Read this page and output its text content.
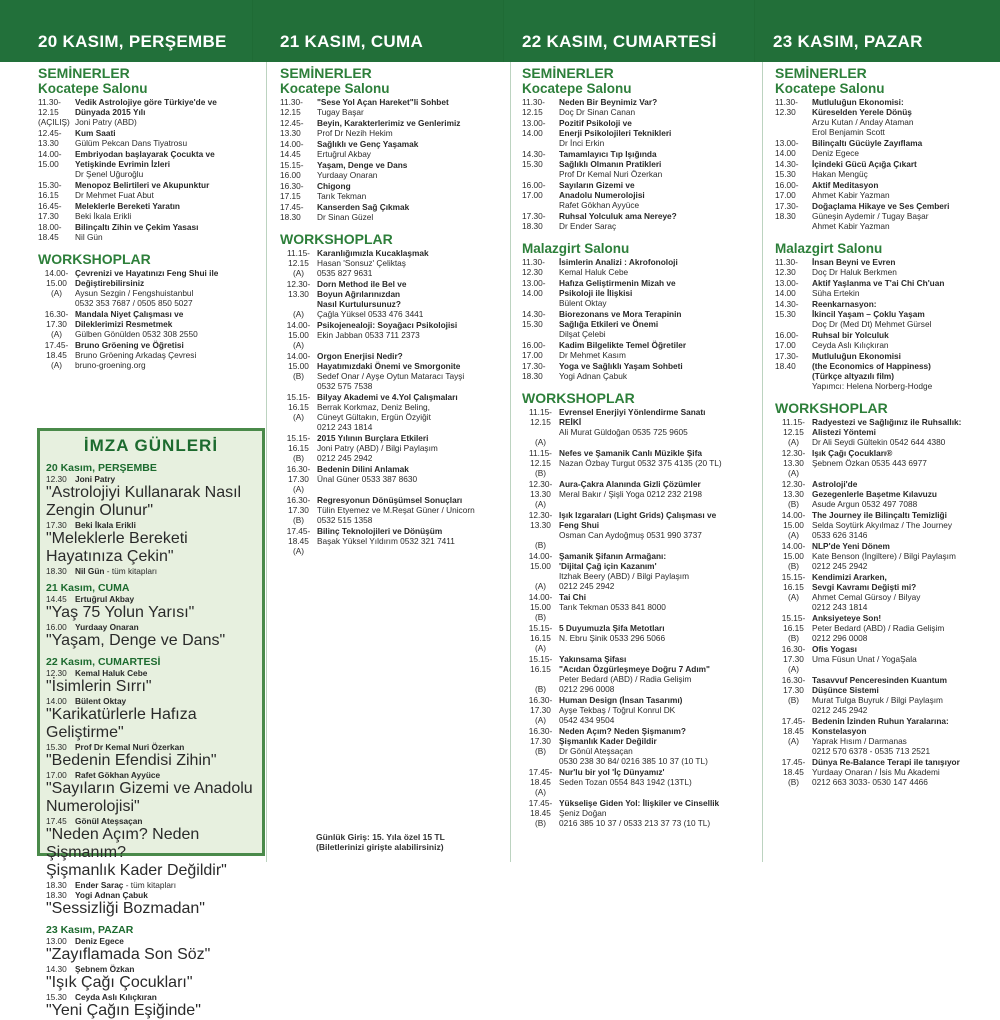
20 KASIM, PERŞEMBE	21 KASIM, CUMA	22 KASIM, CUMARTESİ	23 KASIM, PAZAR
SEMİNERLER
Kocatepe Salonu
11.30-12.15
(AÇILIŞ)
Vedik Astrolojiye göre Türkiye'de ve
Dünyada 2015 Yılı
Joni Patry (ABD)
12.45-13.30
Kum Saati
Gülüm Pekcan Dans Tiyatrosu
14.00-15.00
Embriyodan başlayarak Çocukta ve
Yetişkinde Evrimin İzleri
Dr Şenel Uğuroğlu
15.30-16.15
Menopoz Belirtileri ve Akupunktur
Dr Mehmet Fuat Abut
16.45-17.30
Meleklerle Bereketi Yaratın
Beki İkala Erikli
18.00-18.45
Bilinçaltı Zihin ve Çekim Yasası
Nil Gün
WORKSHOPLAR
14.00-15.00
(A)
Çevrenizi ve Hayatınızı Feng Shui ile
Değiştirebilirsiniz
Aysun Sezgin / Fengshuistanbul
0532 353 7687 / 0505 850 5027
16.30-17.30
(A)
Mandala Niyet Çalışması ve
Dileklerimizi Resmetmek
Gülben Gönülden 0532 308 2550
17.45-18.45
(A)
Bruno Gröening ve Öğretisi
Bruno Gröening Arkadaş Çevresi
bruno-groening.org
İMZA GÜNLERİ
20 Kasım, PERŞEMBE
12.30 Joni Patry
"Astrolojiyi Kullanarak Nasıl Zengin Olunur"
17.30 Beki İkala Erikli
"Meleklerle Bereketi Hayatınıza Çekin"
18.30 Nil Gün - tüm kitapları
21 Kasım, CUMA
14.45 Ertuğrul Akbay
"Yaş 75 Yolun Yarısı"
16.00 Yurdaay Onaran
"Yaşam, Denge ve Dans"
22 Kasım, CUMARTESİ
12.30 Kemal Haluk Cebe
"İsimlerin Sırrı"
14.00 Bülent Oktay
"Karikatürlerle Hafıza Geliştirme"
15.30 Prof Dr Kemal Nuri Özerkan
"Bedenin Efendisi Zihin"
17.00 Rafet Gökhan Ayyüce
"Sayıların Gizemi ve Anadolu Numerolojisi"
17.45 Gönül Ateşsaçan
"Neden Açım? Neden Şişmanım?
Şişmanlık Kader Değildir"
18.30 Ender Saraç - tüm kitapları
18.30 Yogi Adnan Çabuk
"Sessizliği Bozmadan"
23 Kasım, PAZAR
13.00 Deniz Egece
"Zayıflamada Son Söz"
14.30 Şebnem Özkan
"Işık Çağı Çocukları"
15.30 Ceyda Aslı Kılıçkıran
"Yeni Çağın Eşiğinde"
SEMİNERLER
Kocatepe Salonu
11.30-12.15
"Sese Yol Açan Hareket"li Sohbet
Tugay Başar
12.45-13.30
Beyin, Karakterlerimiz ve Genlerimiz
Prof Dr Nezih Hekim
14.00-14.45
Sağlıklı ve Genç Yaşamak
Ertuğrul Akbay
15.15-16.00
Yaşam, Denge ve Dans
Yurdaay Onaran
16.30-17.15
Chigong
Tarık Tekman
17.45-18.30
Kanserden Sağ Çıkmak
Dr Sinan Güzel
WORKSHOPLAR
11.15-12.15
(A)
Karanlığımızla Kucaklaşmak
Hasan 'Sonsuz' Çeliktaş
0535 827 9631
12.30-13.30

(A)
Dorn Method ile Bel ve
Boyun Ağrılarınızdan
Nasıl Kurtulursunuz?
Çağla Yüksel 0533 476 3441
14.00-15.00
(A)
Psikojenealoji: Soyağacı Psikolojisi
Ekin Jabban 0533 711 2373
14.00-15.00
(B)
Orgon Enerjisi Nedir?
Hayatımızdaki Önemi ve Smorgonite
Sedef Onar / Ayşe Oytun Mataracı Tayşi
0532 575 7538
15.15-16.15
(A)
Bilyay Akademi ve 4.Yol Çalışmaları
Berrak Korkmaz, Deniz Beling,
Cüneyt Gültakın, Ergün Özyiğit
0212 243 1814
15.15-16.15
(B)
2015 Yılının Burçlara Etkileri
Joni Patry (ABD) / Bilgi Paylaşım
0212 245 2942
16.30-17.30
(A)
Bedenin Dilini Anlamak
Ünal Güner 0533 387 8630
16.30-17.30
(B)
Regresyonun Dönüşümsel Sonuçları
Tülin Etyemez ve M.Reşat Güner / Unicorn
0532 515 1358
17.45-18.45
(A)
Bilinç Teknolojileri ve Dönüşüm
Başak Yüksel Yıldırım 0532 321 7411
SEMİNERLER
Kocatepe Salonu
11.30-12.15
Neden Bir Beynimiz Var?
Doç Dr Sinan Canan
13.00-14.00
Pozitif Psikoloji ve
Enerji Psikolojileri Teknikleri
Dr İnci Erkin
14.30-15.30
Tamamlayıcı Tıp Işığında
Sağlıklı Olmanın Pratikleri
Prof Dr Kemal Nuri Özerkan
16.00-17.00
Sayıların Gizemi ve
Anadolu Numerolojisi
Rafet Gökhan Ayyüce
17.30-18.30
Ruhsal Yolculuk ama Nereye?
Dr Ender Saraç
Malazgirt Salonu
11.30-12.30
İsimlerin Analizi : Akrofonoloji
Kemal Haluk Cebe
13.00-14.00
Hafıza Geliştirmenin Mizah ve
Psikoloji ile İlişkisi
Bülent Oktay
14.30-15.30
Biorezonans ve Mora Terapinin
Sağlığa Etkileri ve Önemi
Dilşat Çelebi
16.00-17.00
Kadim Bilgelikte Temel Öğretiler
Dr Mehmet Kasım
17.30-18.30
Yoga ve Sağlıklı Yaşam Sohbeti
Yogi Adnan Çabuk
WORKSHOPLAR
11.15-12.15

(A)
Evrensel Enerjiyi Yönlendirme Sanatı
REİKİ
Ali Murat Güldoğan 0535 725 9605
11.15-12.15
(B)
Nefes ve Şamanik Canlı Müzikle Şifa
Nazan Özbay Turgut 0532 375 4135 (20 TL)
12.30-13.30
(A)
Aura-Çakra Alanında Gizli Çözümler
Meral Bakır / Şişli Yoga 0212 232 2198
12.30-13.30

(B)
Işık Izgaraları (Light Grids) Çalışması ve
Feng Shui
Osman Can Aydoğmuş 0531 990 3737
14.00-15.00

(A)
Şamanik Şifanın Armağanı:
'Dijital Çağ için Kazanım'
Itzhak Beery (ABD) / Bilgi Paylaşım
0212 245 2942
14.00-15.00
(B)
Tai Chi
Tarık Tekman 0533 841 8000
15.15-16.15
(A)
5 Duyumuzla Şifa Metotları
N. Ebru Şinik 0533 296 5066
15.15-16.15

(B)
Yakınsama Şifası
"Acıdan Özgürleşmeye Doğru 7 Adım"
Peter Bedard (ABD) / Radia Gelişim
0212 296 0008
16.30-17.30
(A)
Human Design (İnsan Tasarımı)
Ayşe Tekbaş / Toğrul Konrul DK
0542 434 9504
16.30-17.30
(B)
Neden Açım? Neden Şişmanım?
Şişmanlık Kader Değildir
Dr Gönül Ateşsaçan
0530 238 30 84/ 0216 385 10 37 (10 TL)
17.45-18.45
(A)
Nur'lu bir yol 'İç Dünyamız'
Seden Tozan 0554 843 1942 (13TL)
17.45-18.45
(B)
Yükselişe Giden Yol: İlişkiler ve Cinsellik
Şeniz Doğan
0216 385 10 37 / 0533 213 37 73 (10 TL)
SEMİNERLER
Kocatepe Salonu
11.30-12.30
Mutluluğun Ekonomisi:
Küreselden Yerele Dönüş
Arzu Kutan / Anday Ataman
Erol Benjamin Scott
13.00-14.00
Bilinçaltı Gücüyle Zayıflama
Deniz Egece
14.30-15.30
İçindeki Gücü Açığa Çıkart
Hakan Mengüç
16.00-17.00
Aktif Meditasyon
Ahmet Kabir Yazman
17.30-18.30
Doğaçlama Hikaye ve Ses Çemberi
Güneşin Aydemir / Tugay Başar
Ahmet Kabir Yazman
Malazgirt Salonu
11.30-12.30
İnsan Beyni ve Evren
Doç Dr Haluk Berkmen
13.00-14.00
Aktif Yaşlanma ve T'ai Chi Ch'uan
Süha Ertekin
14.30-15.30
Reenkarnasyon:
İkincil Yaşam – Çoklu Yaşam
Doç Dr (Med Dt) Mehmet Gürsel
16.00-17.00
Ruhsal bir Yolculuk
Ceyda Aslı Kılıçkıran
17.30-18.40
Mutluluğun Ekonomisi
(the Economics of Happiness)
(Türkçe altyazılı film)
Yapımcı: Helena Norberg-Hodge
WORKSHOPLAR
11.15-12.15
(A)
Radyestezi ve Sağlığınız ile Ruhsallık:
Alistezi Yöntemi
Dr Ali Seydi Gültekin 0542 644 4380
12.30-13.30
(A)
Işık Çağı Çocukları®
Şebnem Özkan 0535 443 6977
12.30-13.30
(B)
Astroloji'de
Gezegenlerle Başetme Kılavuzu
Asude Argun 0532 497 7088
14.00-15.00
(A)
The Journey ile Bilinçaltı Temizliği
Selda Soytürk Akyılmaz / The Journey
0533 626 3146
14.00-15.00
(B)
NLP'de Yeni Dönem
Kate Benson (İngiltere) / Bilgi Paylaşım
0212 245 2942
15.15-16.15
(A)
Kendimizi Ararken,
Sevgi Kavramı Değişti mi?
Ahmet Cemal Gürsoy / Bilyay
0212 243 1814
15.15-16.15
(B)
Anksiyeteye Son!
Peter Bedard (ABD) / Radia Gelişim
0212 296 0008
16.30-17.30
(A)
Ofis Yogası
Uma Füsun Unat / YogaŞala
16.30-17.30
(B)
Tasavvuf Penceresinden Kuantum
Düşünce Sistemi
Murat Tulga Buyruk / Bilgi Paylaşım
0212 245 2942
17.45-18.45
(A)
Bedenin İzinden Ruhun Yaralarına:
Konstelasyon
Yaprak Hısım / Darmanas
0212 570 6378 - 0535 713 2521
17.45-18.45
(B)
Dünya Re-Balance Terapi ile tanışıyor
Yurdaay Onaran / İsis Mu Akademi
0212 663 3033- 0530 147 4466
Günlük Giriş: 15. Yıla özel 15 TL
(Biletlerinizi girişte alabilirsiniz)
